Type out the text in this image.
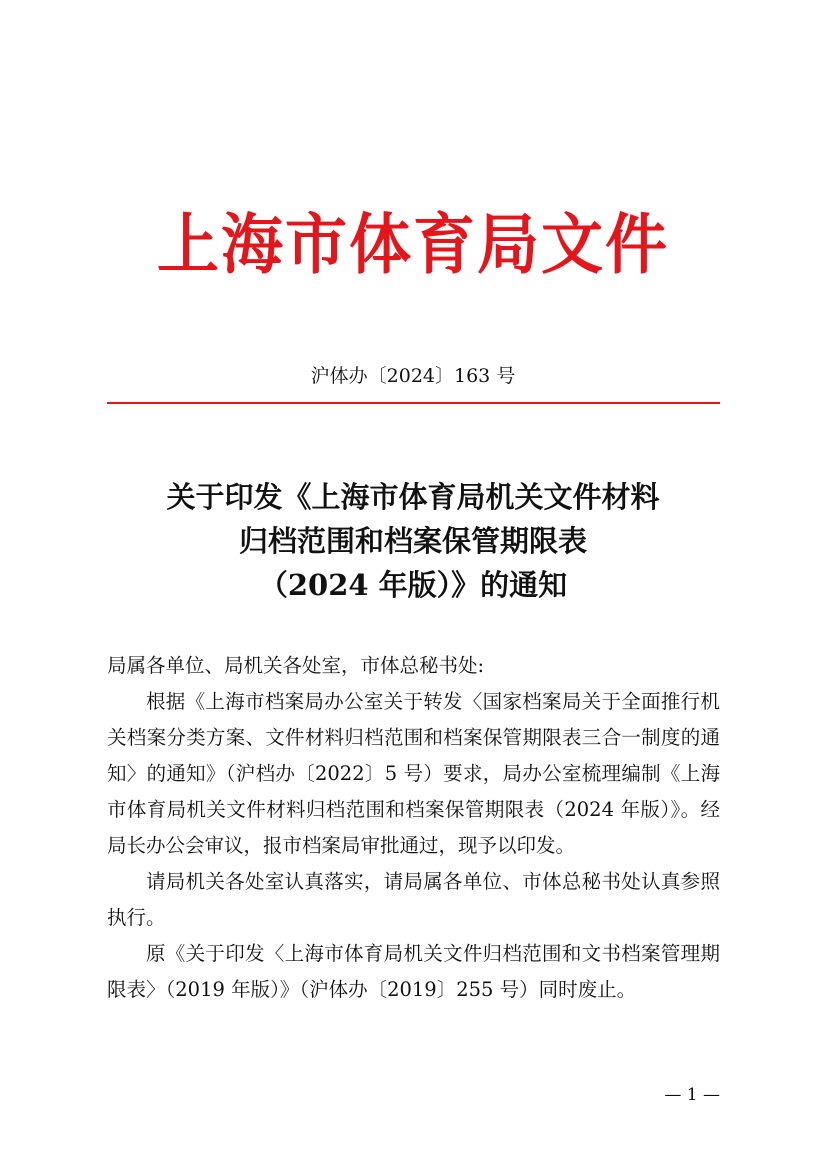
上海市体育局文件
沪体办〔2024〕163 号
关于印发《上海市体育局机关文件材料
归档范围和档案保管期限表
（2024 年版）》的通知

局属各单位、局机关各处室，市体总秘书处:

根据《上海市档案局办公室关于转发〈国家档案局关于全面推行机关档案分类方案、文件材料归档范围和档案保管期限表三合一制度的通知〉的通知》（沪档办〔2022〕5 号）要求，局办公室梳理编制《上海市体育局机关文件材料归档范围和档案保管期限表（2024 年版）》。经局长办公会审议，报市档案局审批通过，现予以印发。

请局机关各处室认真落实，请局属各单位、市体总秘书处认真参照执行。

原《关于印发〈上海市体育局机关文件归档范围和文书档案管理期限表〉（2019 年版）》（沪体办〔2019〕255 号）同时废止。

— 1 —
